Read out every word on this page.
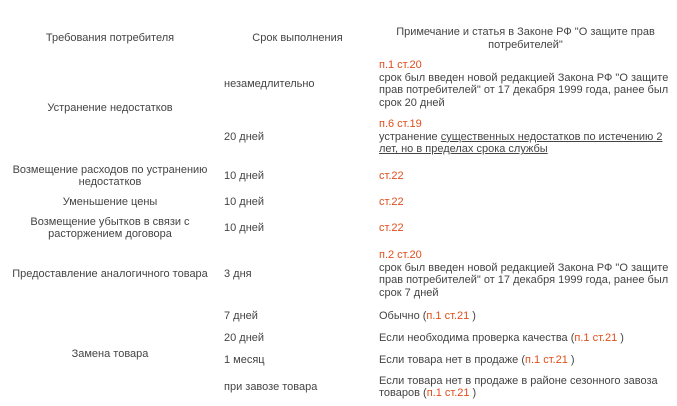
Требования потребителя	Срок выполнения	Примечание и статья в Законе РФ "О защите прав потребителей"
Устранение недостатков	незамедлительно	п.1 ст.20
срок был введен новой редакцией Закона РФ "О защите прав потребителей" от 17 декабря 1999 года, ранее был срок 20 дней
	20 дней	п.6 ст.19
устранение существенных недостатков по истечению 2 лет, но в пределах срока службы
Возмещение расходов по устранению недостатков	10 дней	ст.22
Уменьшение цены	10 дней	ст.22
Возмещение убытков в связи с расторжением договора	10 дней	ст.22
Предоставление аналогичного товара	3 дня	п.2 ст.20
срок был введен новой редакцией Закона РФ "О защите прав потребителей" от 17 декабря 1999 года, ранее был срок 7 дней
Замена товара	7 дней	Обычно (п.1 ст.21 )
	20 дней	Если необходима проверка качества (п.1 ст.21 )
	1 месяц	Если товара нет в продаже (п.1 ст.21 )
	при завозе товара	Если товара нет в продаже в районе сезонного завоза товаров (п.1 ст.21 )
